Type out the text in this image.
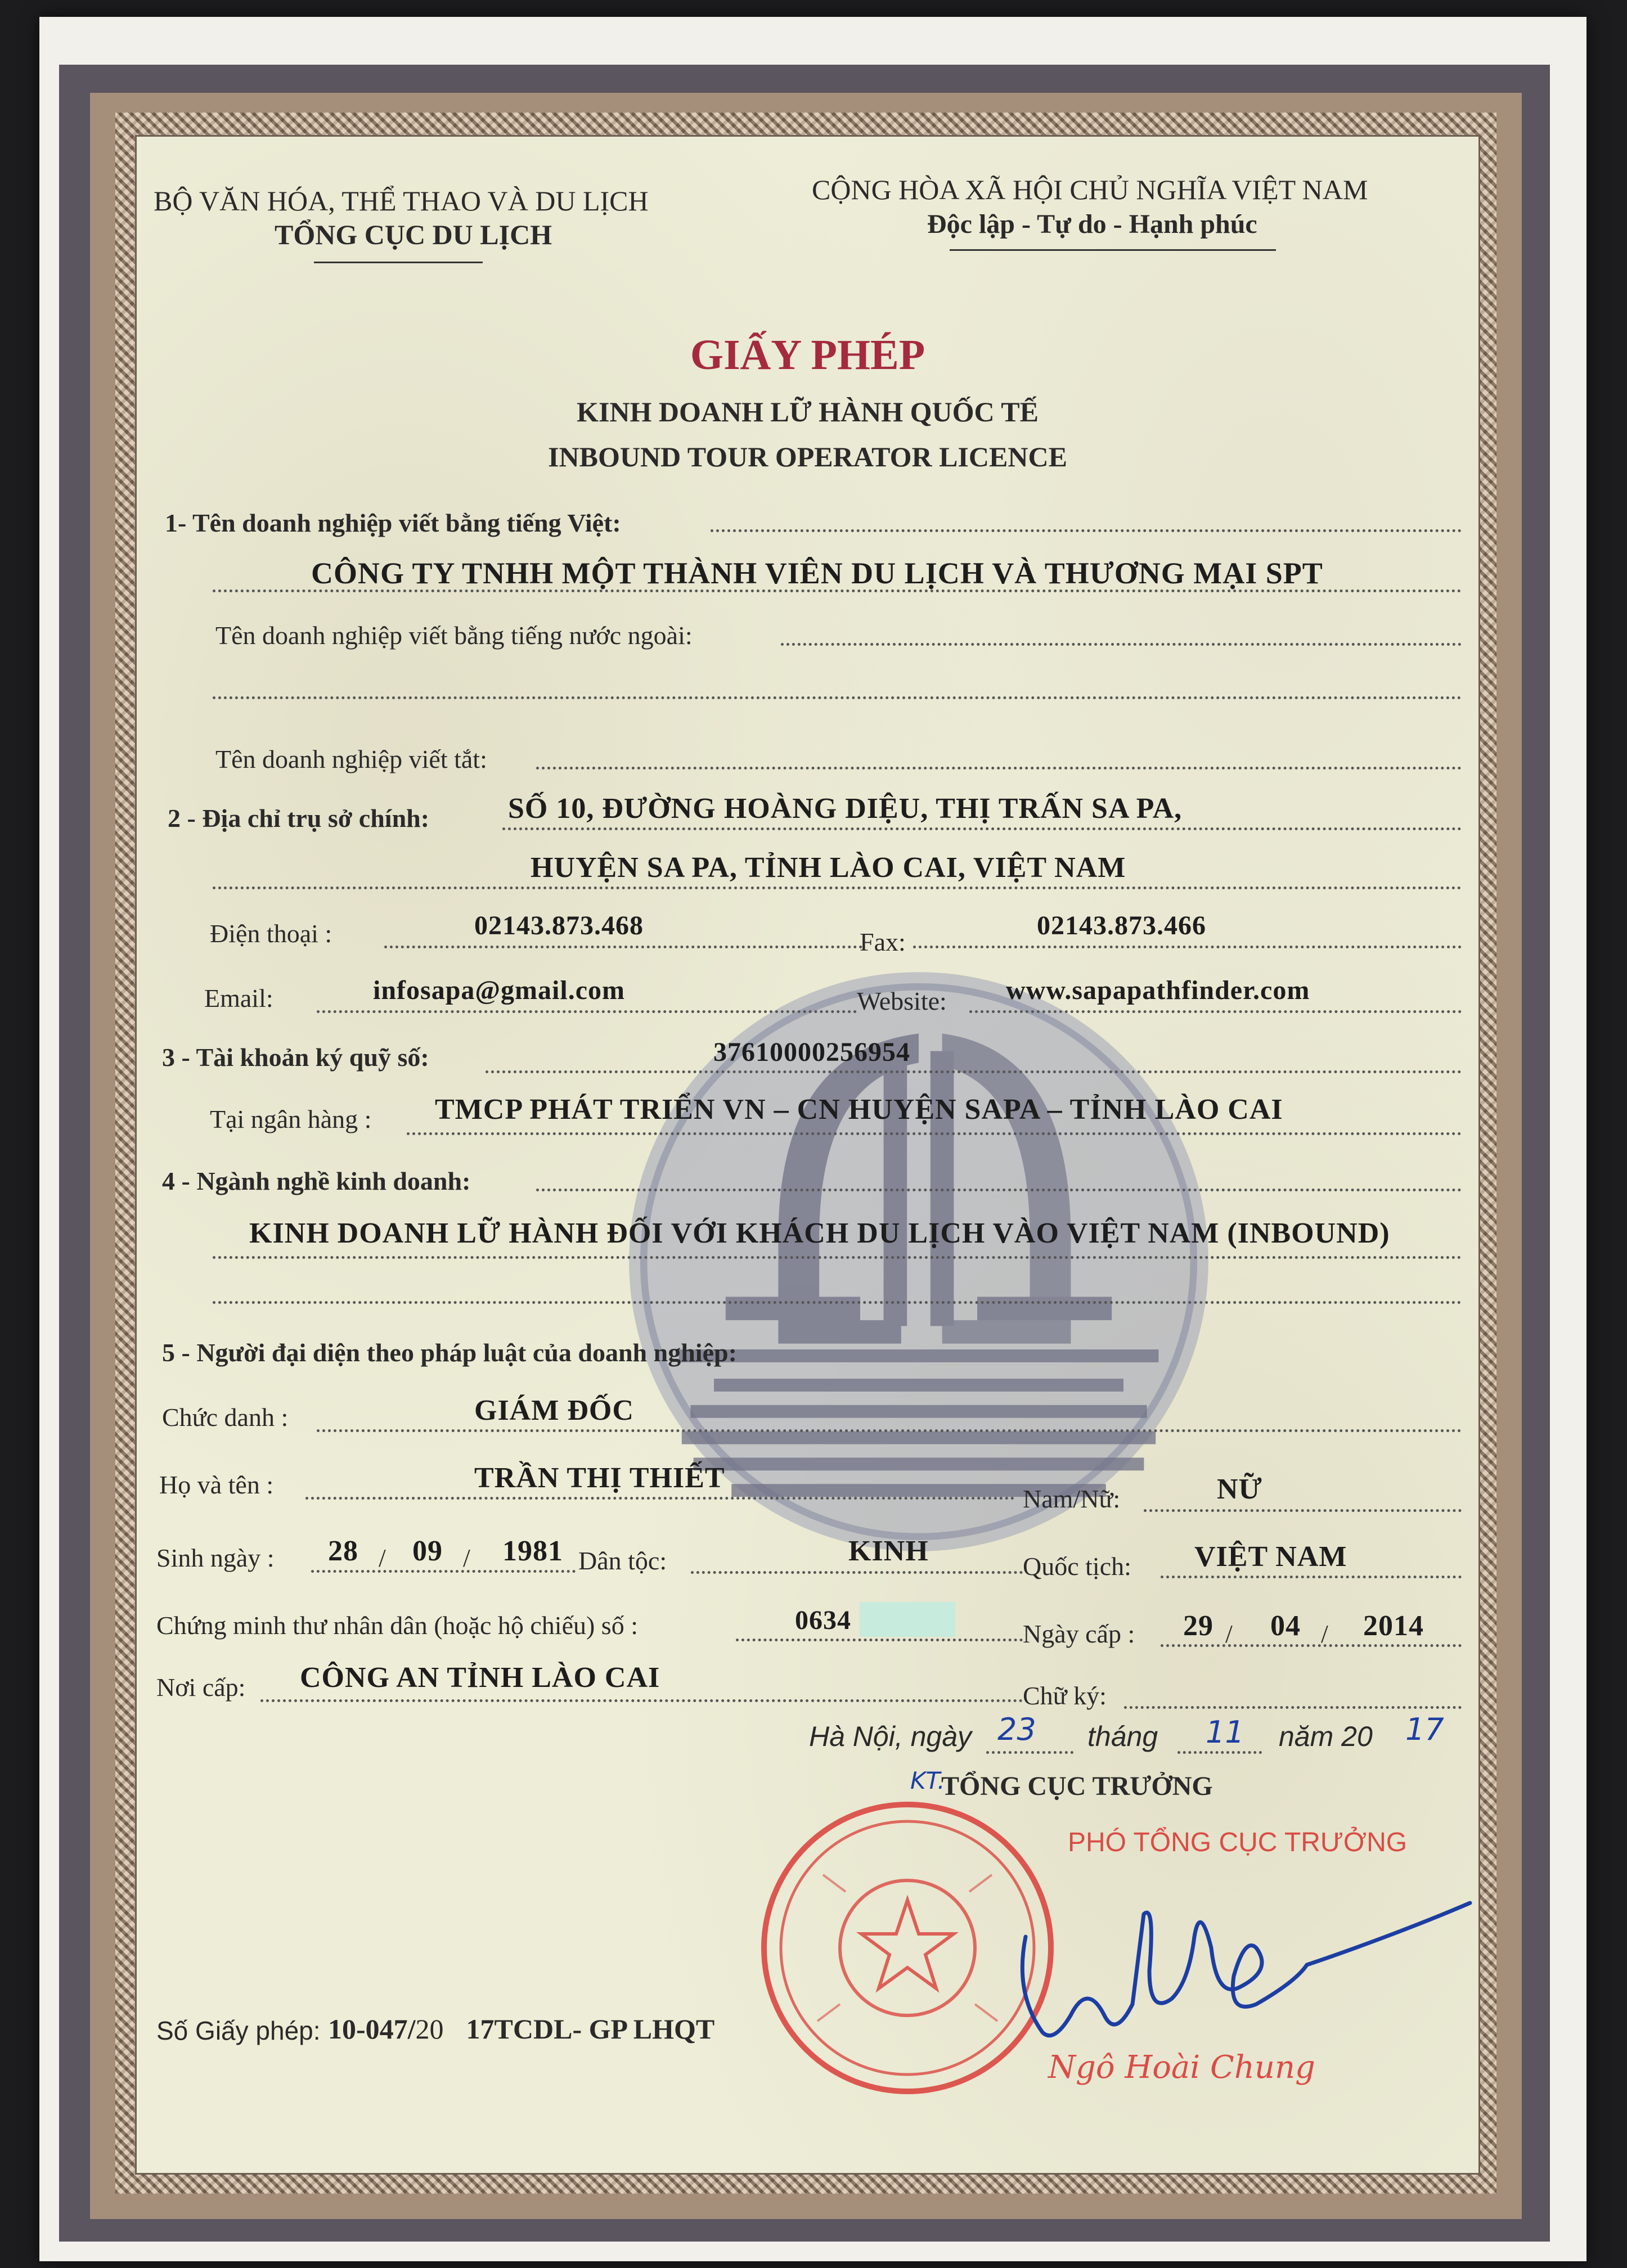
BỘ VĂN HÓA, THỂ THAO VÀ DU LỊCH
TỔNG CỤC DU LỊCH
CỘNG HÒA XÃ HỘI CHỦ NGHĨA VIỆT NAM
Độc lập - Tự do - Hạnh phúc
GIẤY PHÉP
KINH DOANH LỮ HÀNH QUỐC TẾ
INBOUND TOUR OPERATOR LICENCE
1- Tên doanh nghiệp viết bằng tiếng Việt:
CÔNG TY TNHH MỘT THÀNH VIÊN DU LỊCH VÀ THƯƠNG MẠI SPT
Tên doanh nghiệp viết bằng tiếng nước ngoài:
Tên doanh nghiệp viết tắt:
2 - Địa chỉ trụ sở chính:	SỐ 10, ĐƯỜNG HOÀNG DIỆU, THỊ TRẤN SA PA,
HUYỆN SA PA, TỈNH LÀO CAI, VIỆT NAM
Điện thoại :	02143.873.468
Fax:
02143.873.466
Email:	infosapa@gmail.com	Website: www.sapapathfinder.com
3 - Tài khoản ký quỹ số:	37610000256954
Tại ngân hàng : TMCP PHÁT TRIỂN VN – CN HUYỆN SAPA – TỈNH LÀO CAI
4 - Ngành nghề kinh doanh:
KINH DOANH LỮ HÀNH ĐỐI VỚI KHÁCH DU LỊCH VÀO VIỆT NAM (INBOUND)
5 - Người đại diện theo pháp luật của doanh nghiệp:
Chức danh :	GIÁM ĐỐC
Họ và tên :	TRẦN THỊ THIẾT
Nam/Nữ:	NỮ
Sinh ngày : 28 / 09 / 1981 Dân tộc:	KINH	Quốc tịch: VIỆT NAM
Chứng minh thư nhân dân (hoặc hộ chiếu) số :	0634	Ngày cấp : 29 / 04 / 2014
Nơi cấp: CÔNG AN TỈNH LÀO CAI
Chữ ký:
Hà Nội, ngày 23 tháng 11 năm 20 17
KT.
TỔNG CỤC TRƯỞNG
PHÓ TỔNG CỤC TRƯỞNG
Ngô Hoài Chung
Số Giấy phép: 10-047/20 17TCDL- GP LHQT
